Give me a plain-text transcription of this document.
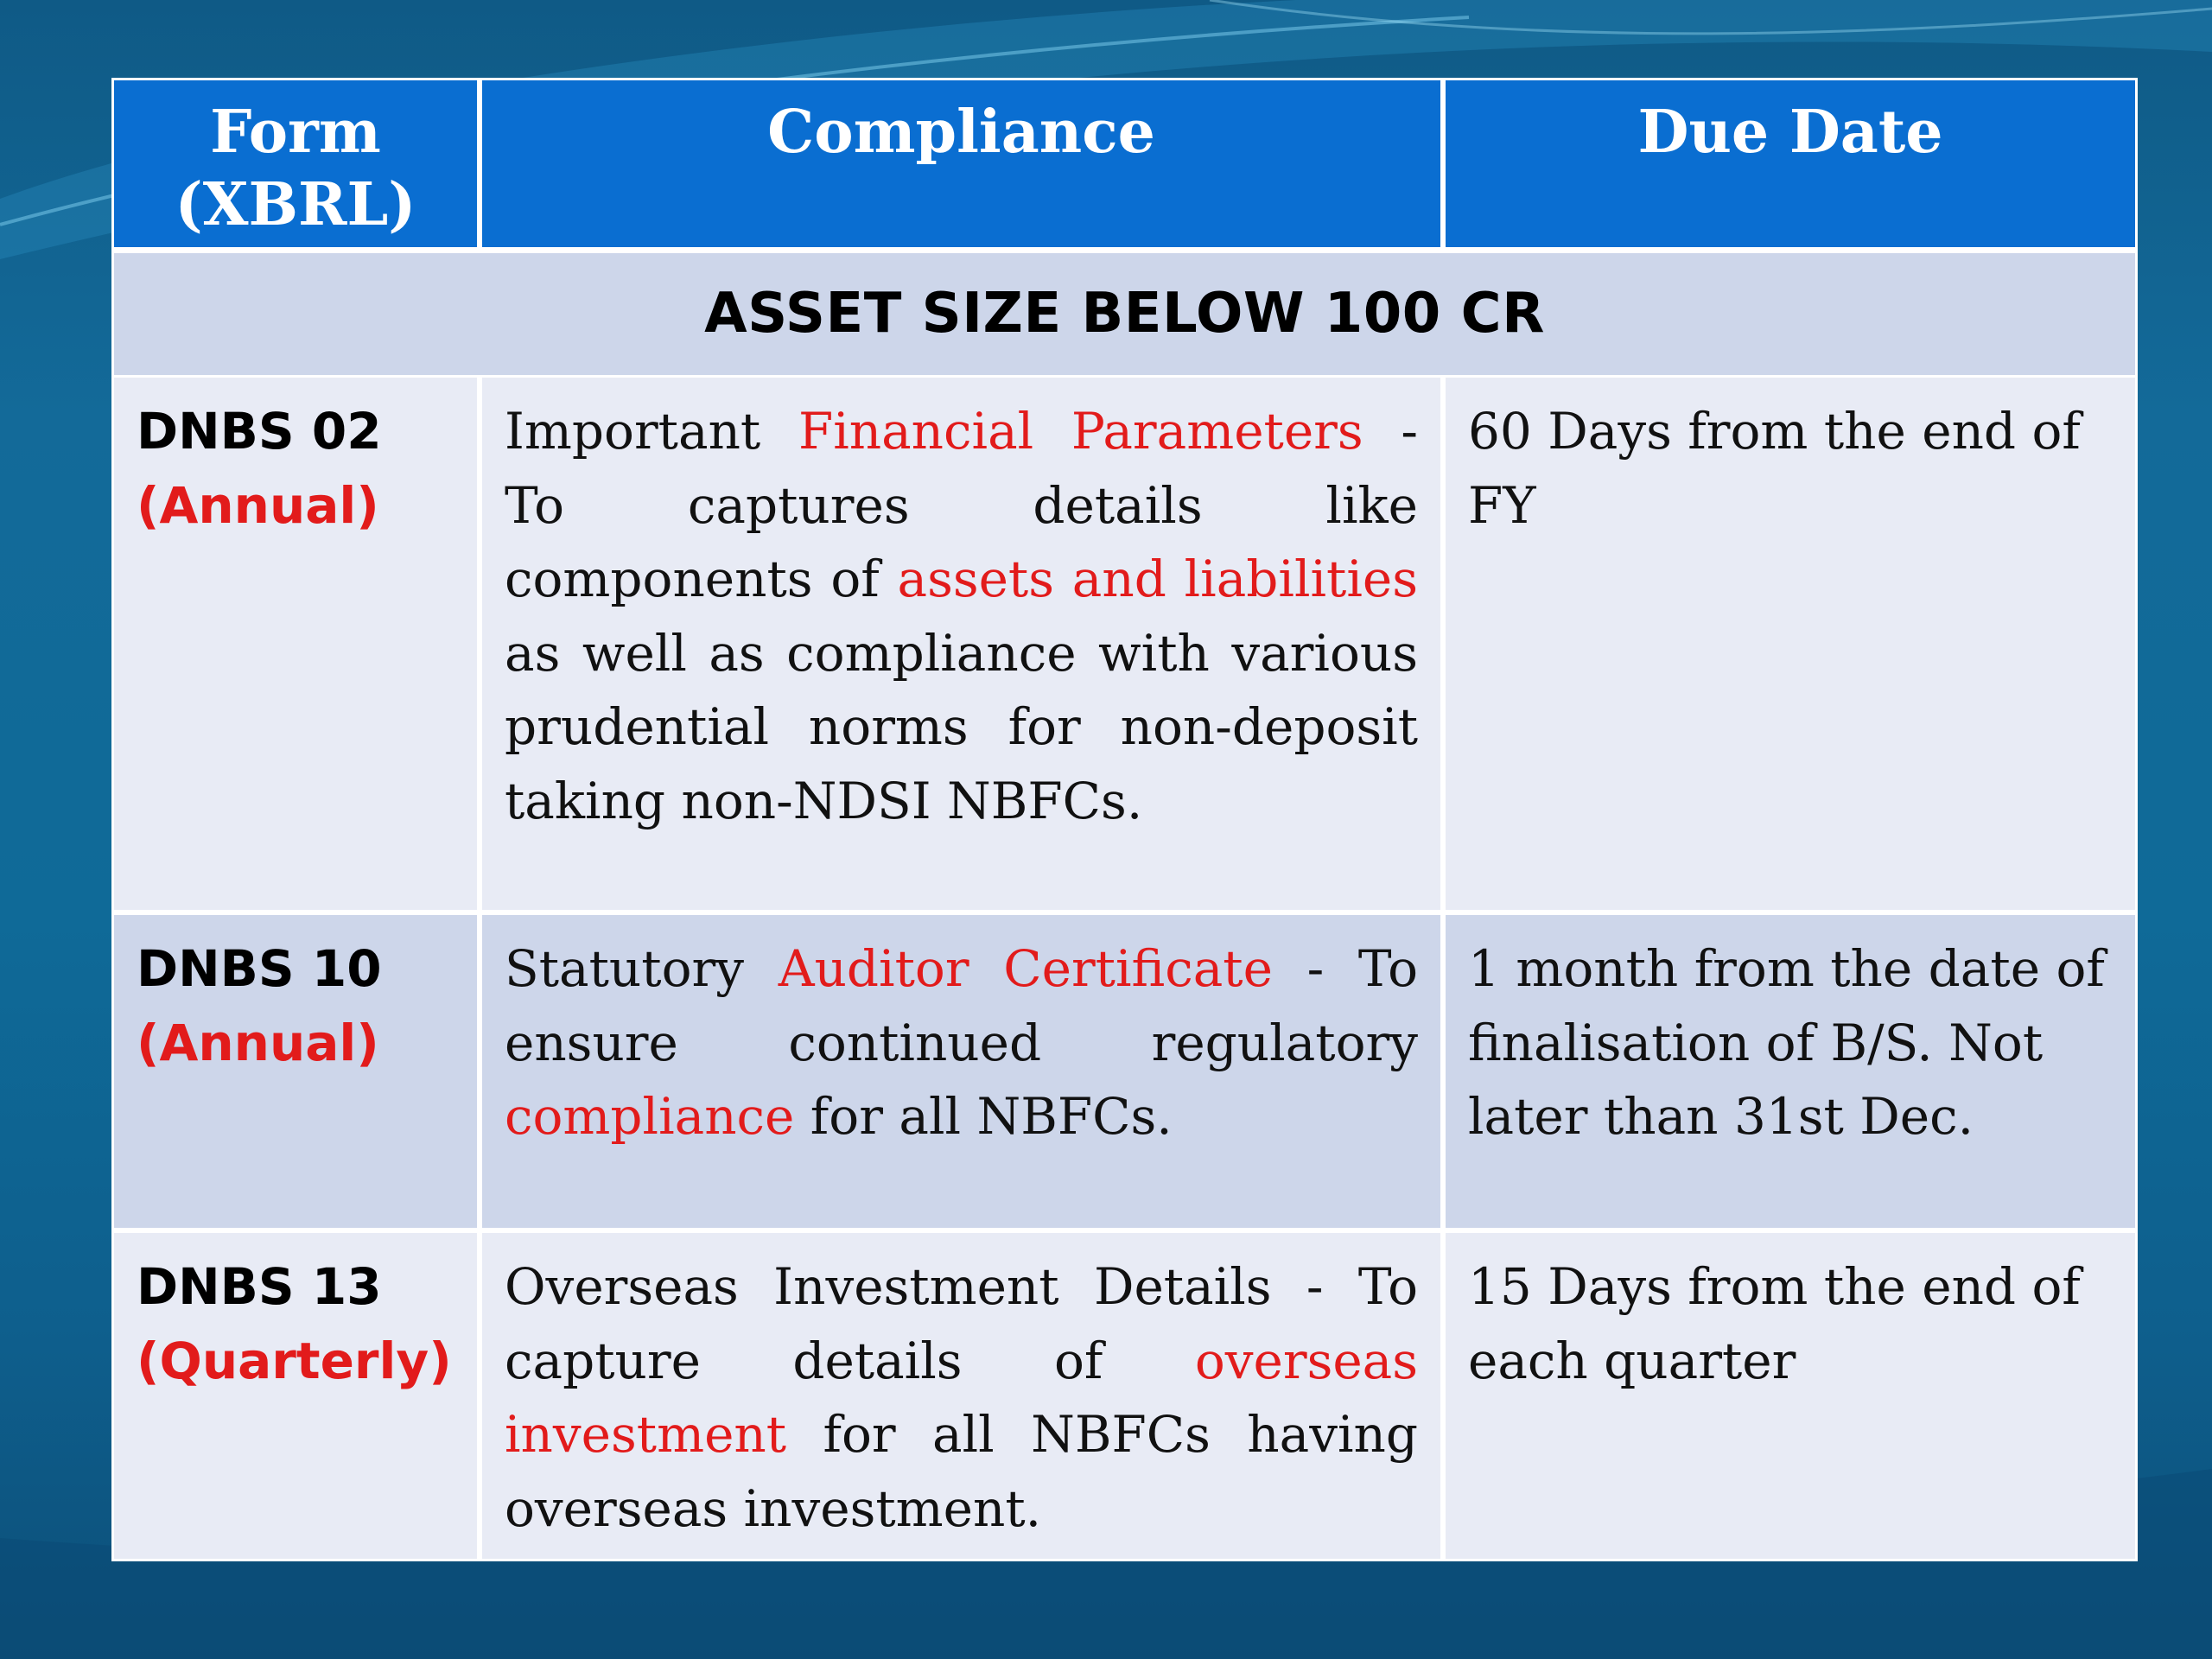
Form
(XBRL)
Compliance	Due Date
ASSET SIZE BELOW 100 CR
DNBS 02
(Annual)
Important Financial Parameters - To captures details like components of assets and liabilities as well as compliance with various prudential norms for non-deposit taking non-NDSI NBFCs.
60 Days from the end of FY
DNBS 10
(Annual)
Statutory Auditor Certificate - To ensure continued regulatory compliance for all NBFCs.
1 month from the date of finalisation of B/S. Not later than 31st Dec.
DNBS 13
(Quarterly)
Overseas Investment Details - To capture details of overseas investment for all NBFCs having overseas investment.
15 Days from the end of each quarter
